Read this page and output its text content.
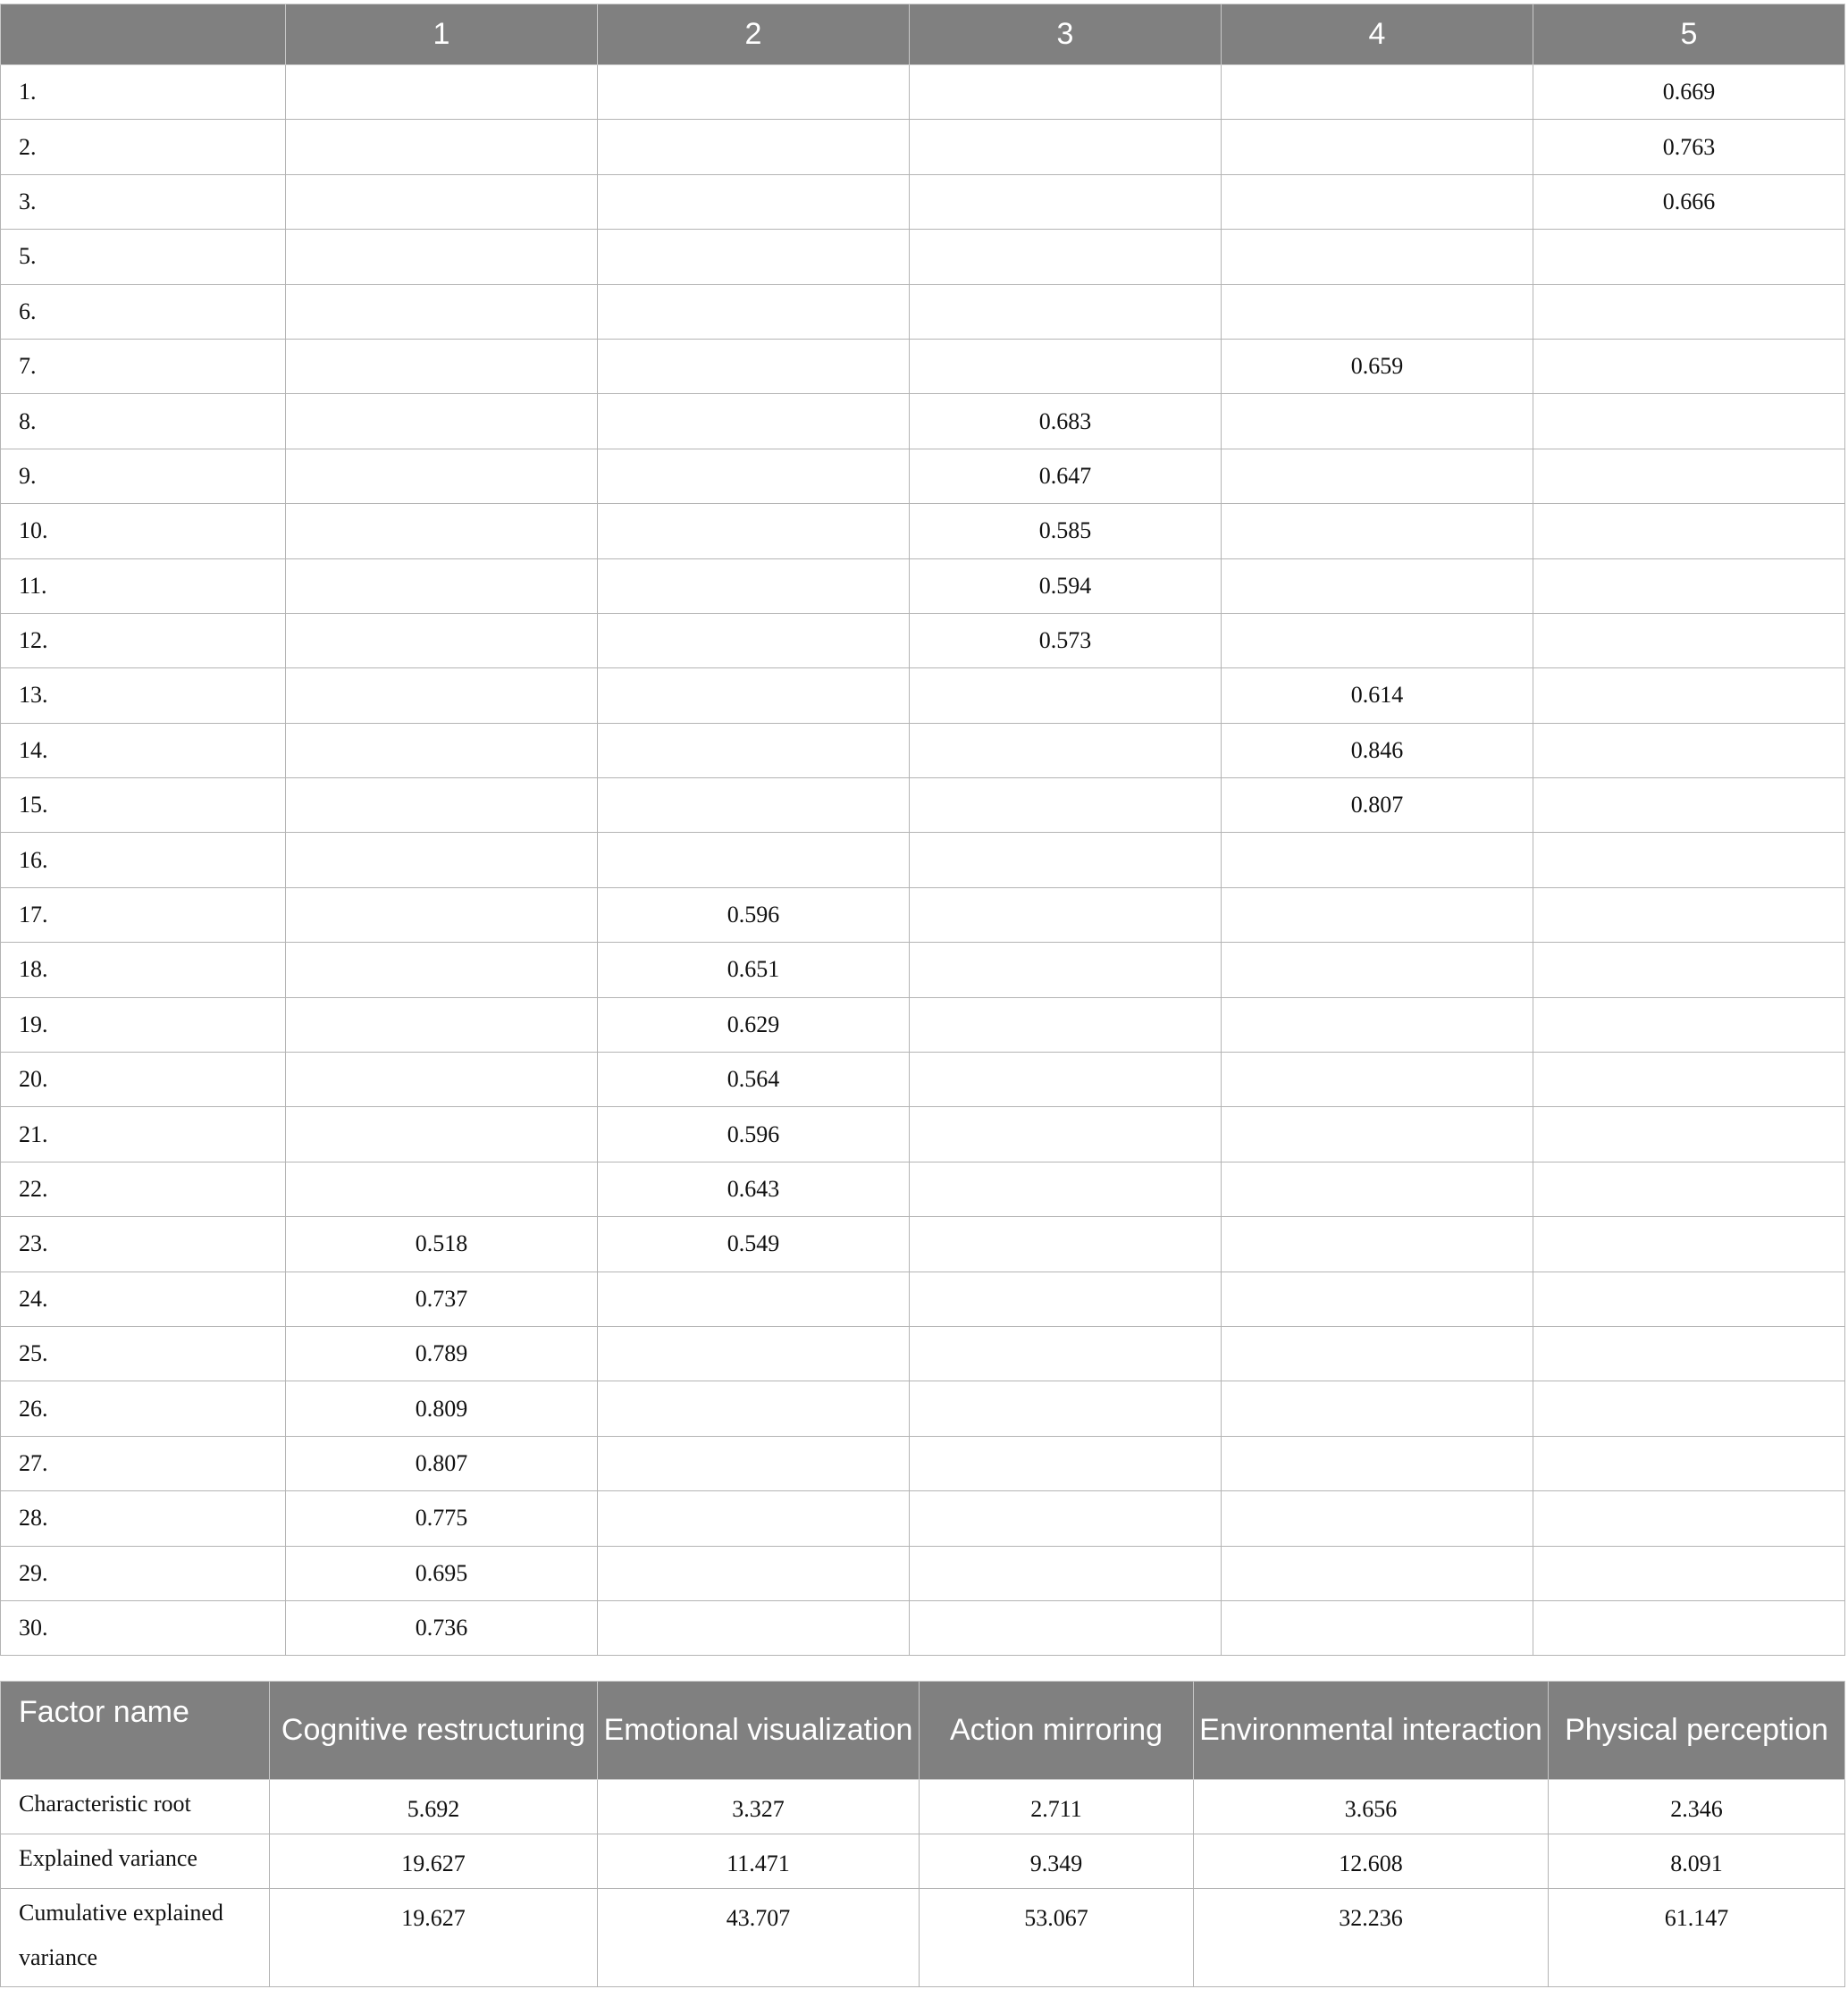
	1	2	3	4	5
1.					0.669
2.					0.763
3.					0.666
5.					
6.					
7.				0.659	
8.			0.683		
9.			0.647		
10.			0.585		
11.			0.594		
12.			0.573		
13.				0.614	
14.				0.846	
15.				0.807	
16.					
17.		0.596			
18.		0.651			
19.		0.629			
20.		0.564			
21.		0.596			
22.		0.643			
23.	0.518	0.549			
24.	0.737				
25.	0.789				
26.	0.809				
27.	0.807				
28.	0.775				
29.	0.695				
30.	0.736				
Factor name	Cognitive restructuring	Emotional visualization	Action mirroring	Environmental interaction	Physical perception
Characteristic root	5.692	3.327	2.711	3.656	2.346
Explained variance	19.627	11.471	9.349	12.608	8.091
Cumulative explained variance	19.627	43.707	53.067	32.236	61.147
